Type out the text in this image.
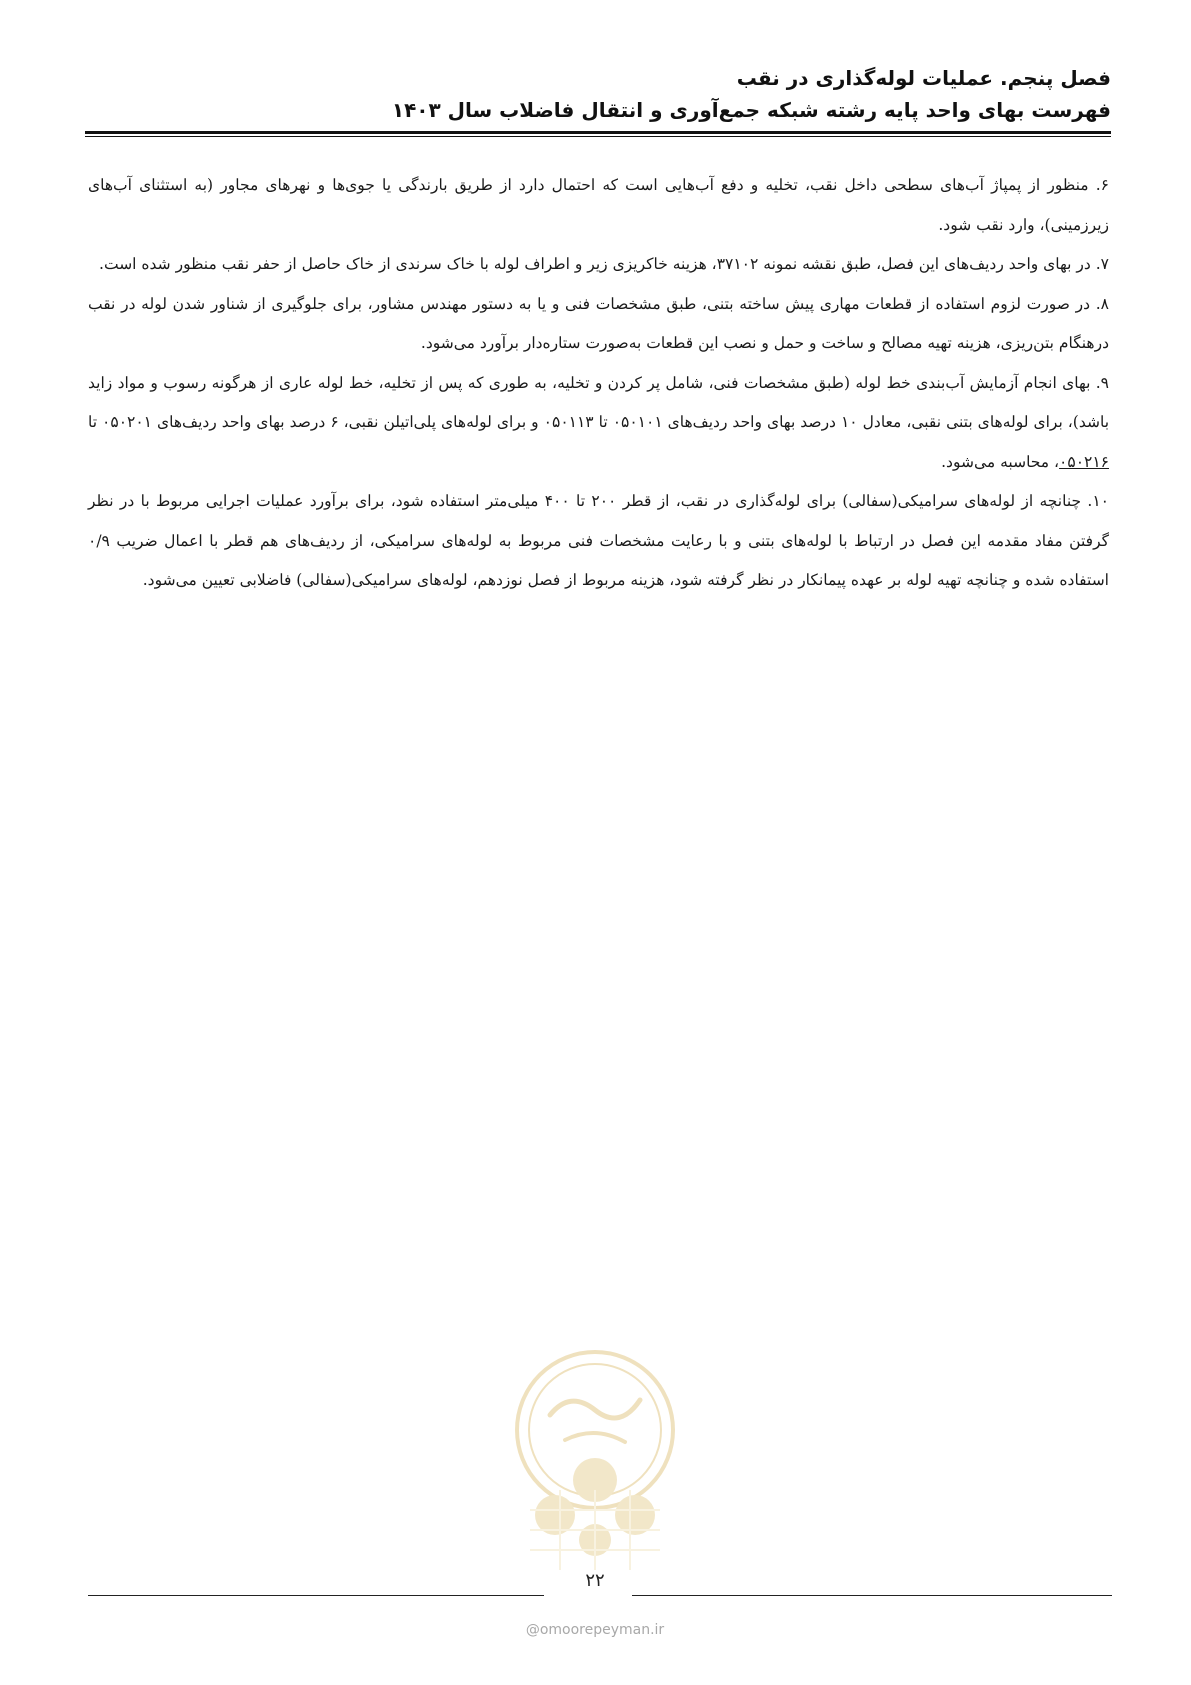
فصل پنجم. عملیات لوله‌گذاری در نقب
فهرست بهای واحد پایه رشته شبکه جمع‌آوری و انتقال فاضلاب سال ۱۴۰۳

۶. منظور از پمپاژ آب‌های سطحی داخل نقب، تخلیه و دفع آب‌هایی است که احتمال دارد از طریق بارندگی یا جوی‌ها و نهرهای مجاور (به استثنای آب‌های زیرزمینی)، وارد نقب شود.

۷. در بهای واحد ردیف‌های این فصل، طبق نقشه نمونه ۳۷۱۰۲، هزینه خاکریزی زیر و اطراف لوله با خاک سرندی از خاک حاصل از حفر نقب منظور شده است.

۸. در صورت لزوم استفاده از قطعات مهاری پیش ساخته بتنی، طبق مشخصات فنی و یا به دستور مهندس مشاور، برای جلوگیری از شناور شدن لوله در نقب درهنگام بتن‌ریزی، هزینه تهیه مصالح و ساخت و حمل و نصب این قطعات به‌صورت ستاره‌دار برآورد می‌شود.

۹. بهای انجام آزمایش آب‌بندی خط لوله (طبق مشخصات فنی، شامل پر کردن و تخلیه، به طوری که پس از تخلیه، خط لوله عاری از هرگونه رسوب و مواد زاید باشد)، برای لوله‌های بتنی نقبی، معادل ۱۰ درصد بهای واحد ردیف‌های ۰۵۰۱۰۱ تا ۰۵۰۱۱۳ و برای لوله‌های پلی‌اتیلن نقبی، ۶ درصد بهای واحد ردیف‌های ۰۵۰۲۰۱ تا ۰۵۰۲۱۶، محاسبه می‌شود.

۱۰. چنانچه از لوله‌های سرامیکی(سفالی) برای لوله‌گذاری در نقب، از قطر ۲۰۰ تا ۴۰۰ میلی‌متر استفاده شود، برای برآورد عملیات اجرایی مربوط با در نظر گرفتن مفاد مقدمه این فصل در ارتباط با لوله‌های بتنی و با رعایت مشخصات فنی مربوط به لوله‌های سرامیکی، از ردیف‌های هم قطر با اعمال ضریب ۰/۹ استفاده شده و چنانچه تهیه لوله بر عهده پیمانکار در نظر گرفته شود، هزینه مربوط از فصل نوزدهم، لوله‌های سرامیکی(سفالی) فاضلابی تعیین می‌شود.

۲۲
@omoorepeyman.ir
